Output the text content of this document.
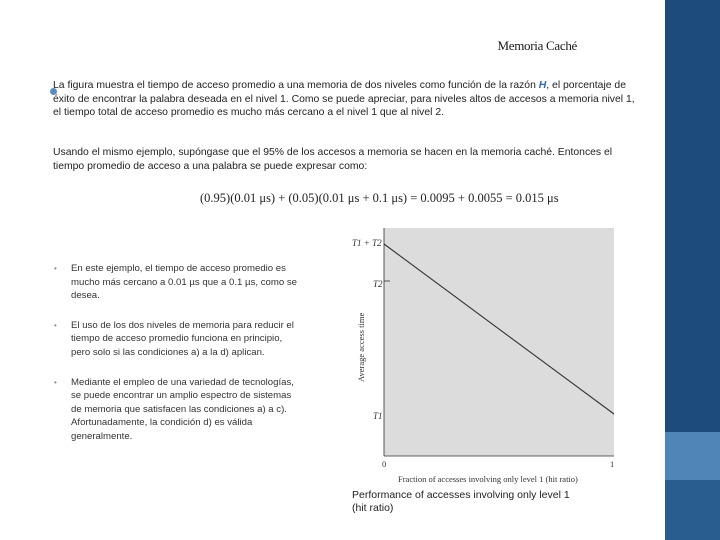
Memoria Caché
La figura muestra el tiempo de acceso promedio a una memoria de dos niveles como función de la razón H, el porcentaje de éxito de encontrar la palabra deseada en el nivel 1. Como se puede apreciar, para niveles altos de accesos a memoria nivel 1, el tiempo total de acceso promedio es mucho más cercano a el nivel 1 que al nivel 2.
Usando el mismo ejemplo, supóngase que el 95% de los accesos a memoria se hacen en la memoria caché. Entonces el tiempo promedio de acceso a una palabra se puede expresar como:
(0.95)(0.01 μs) + (0.05)(0.01 μs + 0.1 μs) = 0.0095 + 0.0055 = 0.015 μs
• En este ejemplo, el tiempo de acceso promedio es mucho más cercano a 0.01 µs que a 0.1 µs, como se desea.
• El uso de los dos niveles de memoria para reducir el tiempo de acceso promedio funciona en principio, pero solo si las condiciones a) a la d) aplican.
• Mediante el empleo de una variedad de tecnologías, se puede encontrar un amplio espectro de sistemas de memoria que satisfacen las condiciones a) a c). Afortunadamente, la condición d) es válida generalmente.
T1 + T2
T2
T1
Average access time
0	1
Fraction of accesses involving only level 1 (hit ratio)
Performance of accesses involving only level 1 (hit ratio)
